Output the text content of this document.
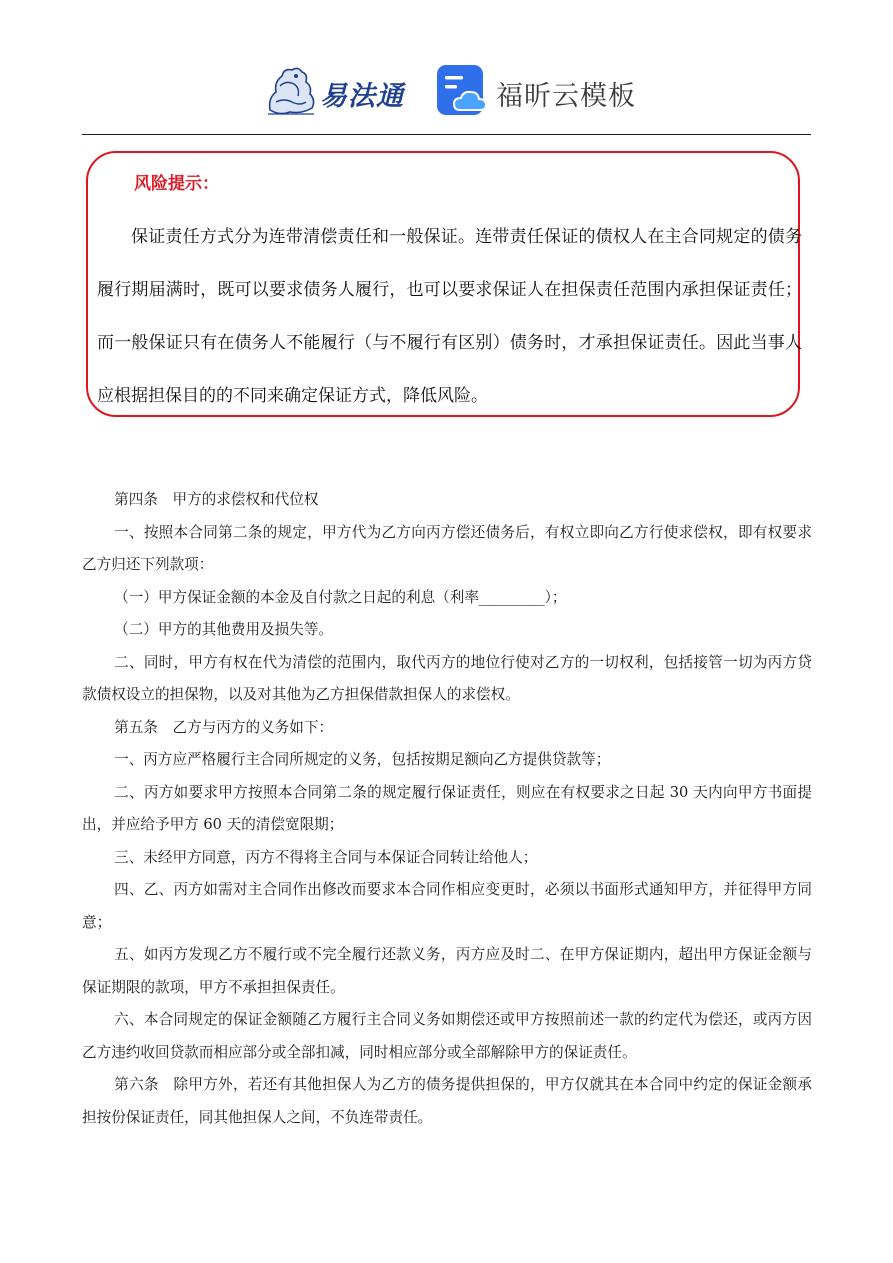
易法通	福昕云模板
风险提示：
保证责任方式分为连带清偿责任和一般保证。连带责任保证的债权人在主合同规定的债务履行期届满时，既可以要求债务人履行，也可以要求保证人在担保责任范围内承担保证责任；而一般保证只有在债务人不能履行（与不履行有区别）债务时，才承担保证责任。因此当事人应根据担保目的的不同来确定保证方式，降低风险。

第四条　甲方的求偿权和代位权

一、按照本合同第二条的规定，甲方代为乙方向丙方偿还债务后，有权立即向乙方行使求偿权，即有权要求乙方归还下列款项：

（一）甲方保证金额的本金及自付款之日起的利息（利率_________）；

（二）甲方的其他费用及损失等。

二、同时，甲方有权在代为清偿的范围内，取代丙方的地位行使对乙方的一切权利，包括接管一切为丙方贷款债权设立的担保物，以及对其他为乙方担保借款担保人的求偿权。

第五条　乙方与丙方的义务如下：

一、丙方应严格履行主合同所规定的义务，包括按期足额向乙方提供贷款等；

二、丙方如要求甲方按照本合同第二条的规定履行保证责任，则应在有权要求之日起 30 天内向甲方书面提出，并应给予甲方 60 天的清偿宽限期；

三、未经甲方同意，丙方不得将主合同与本保证合同转让给他人；

四、乙、丙方如需对主合同作出修改而要求本合同作相应变更时，必须以书面形式通知甲方，并征得甲方同意；

五、如丙方发现乙方不履行或不完全履行还款义务，丙方应及时二、在甲方保证期内，超出甲方保证金额与保证期限的款项，甲方不承担担保责任。

六、本合同规定的保证金额随乙方履行主合同义务如期偿还或甲方按照前述一款的约定代为偿还，或丙方因乙方违约收回贷款而相应部分或全部扣减，同时相应部分或全部解除甲方的保证责任。

第六条　除甲方外，若还有其他担保人为乙方的债务提供担保的，甲方仅就其在本合同中约定的保证金额承担按份保证责任，同其他担保人之间，不负连带责任。
